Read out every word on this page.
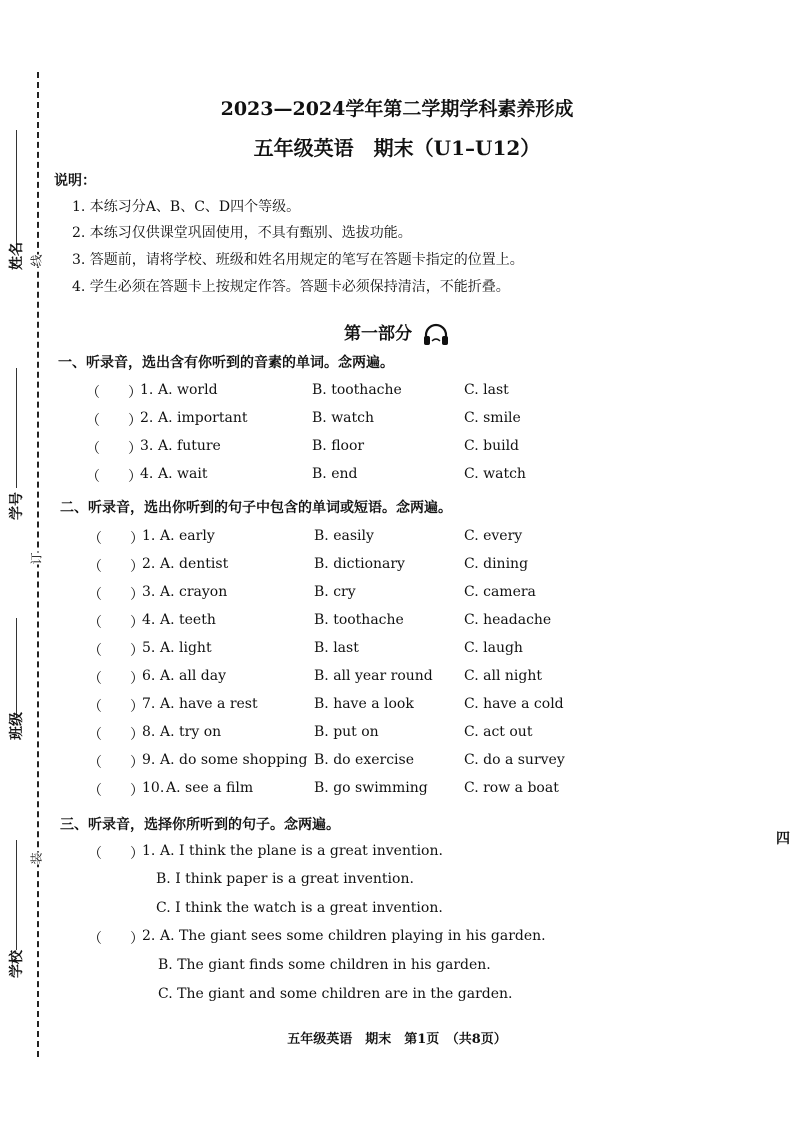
姓名
学号
班级
学校
线
订
装
2023—2024学年第二学期学科素养形成
五年级英语　期末（U1–U12）
说明：
1. 本练习分A、B、C、D四个等级。
2. 本练习仅供课堂巩固使用，不具有甄别、选拔功能。
3. 答题前，请将学校、班级和姓名用规定的笔写在答题卡指定的位置上。
4. 学生必须在答题卡上按规定作答。答题卡必须保持清洁，不能折叠。
第一部分
一、听录音，选出含有你听到的音素的单词。念两遍。
（　　）
1. A. world	B. toothache	C. last
（　　）
2. A. important	B. watch	C. smile
（　　）
3. A. future	B. floor	C. build
（　　）
4. A. wait	B. end	C. watch
二、听录音，选出你听到的句子中包含的单词或短语。念两遍。
（　　）
1. A. early	B. easily	C. every
（　　）
2. A. dentist	B. dictionary	C. dining
（　　）
3. A. crayon	B. cry	C. camera
（　　）
4. A. teeth	B. toothache	C. headache
（　　）
5. A. light	B. last	C. laugh
（　　）
6. A. all day	B. all year round C. all night
（　　）
7. A. have a rest	B. have a look	C. have a cold
（　　）
8. A. try on	B. put on	C. act out
（　　）
9. A. do some shopping B. do exercise	C. do a survey
（　　）
10. A. see a film	B. go swimming	C. row a boat
三、听录音，选择你所听到的句子。念两遍。
（　　）
1. A. I think the plane is a great invention.
B. I think paper is a great invention.
C. I think the watch is a great invention.
（　　）
2. A. The giant sees some children playing in his garden.
B. The giant finds some children in his garden.
C. The giant and some children are in the garden.
四
五年级英语　期末　第1页　（共8页）
